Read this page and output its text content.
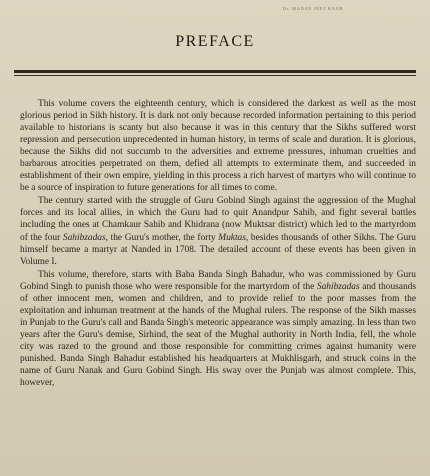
Dr. MADAN JEET KAUR
PREFACE

This volume covers the eighteenth century, which is considered the darkest as well as the most glorious period in Sikh history. It is dark not only because recorded information pertaining to this period available to historians is scanty but also because it was in this century that the Sikhs suffered worst repression and persecution unprecedented in human history, in terms of scale and duration. It is glorious, because the Sikhs did not succumb to the adversities and extreme pressures, inhuman cruelties and barbarous atrocities perpetrated on them, defied all attempts to exterminate them, and succeeded in establishment of their own empire, yielding in this process a rich harvest of martyrs who will continue to be a source of inspiration to future generations for all times to come.

The century started with the struggle of Guru Gobind Singh against the aggression of the Mughal forces and its local allies, in which the Guru had to quit Anandpur Sahib, and fight several battles including the ones at Chamkaur Sahib and Khidrana (now Muktsar district) which led to the martyrdom of the four Sahibzadas, the Guru's mother, the forty Muktas, besides thousands of other Sikhs. The Guru himself became a martyr at Nanded in 1708. The detailed account of these events has been given in Volume I.

This volume, therefore, starts with Baba Banda Singh Bahadur, who was commissioned by Guru Gobind Singh to punish those who were responsible for the martyrdom of the Sahibzadas and thousands of other innocent men, women and children, and to provide relief to the poor masses from the exploitation and inhuman treatment at the hands of the Mughal rulers. The response of the Sikh masses in Punjab to the Guru's call and Banda Singh's meteoric appearance was simply amazing. In less than two years after the Guru's demise, Sirhind, the seat of the Mughal authority in North India, fell, the whole city was razed to the ground and those responsible for committing crimes against humanity were punished. Banda Singh Bahadur established his headquarters at Mukhlisgarh, and struck coins in the name of Guru Nanak and Guru Gobind Singh. His sway over the Punjab was almost complete. This, however,
